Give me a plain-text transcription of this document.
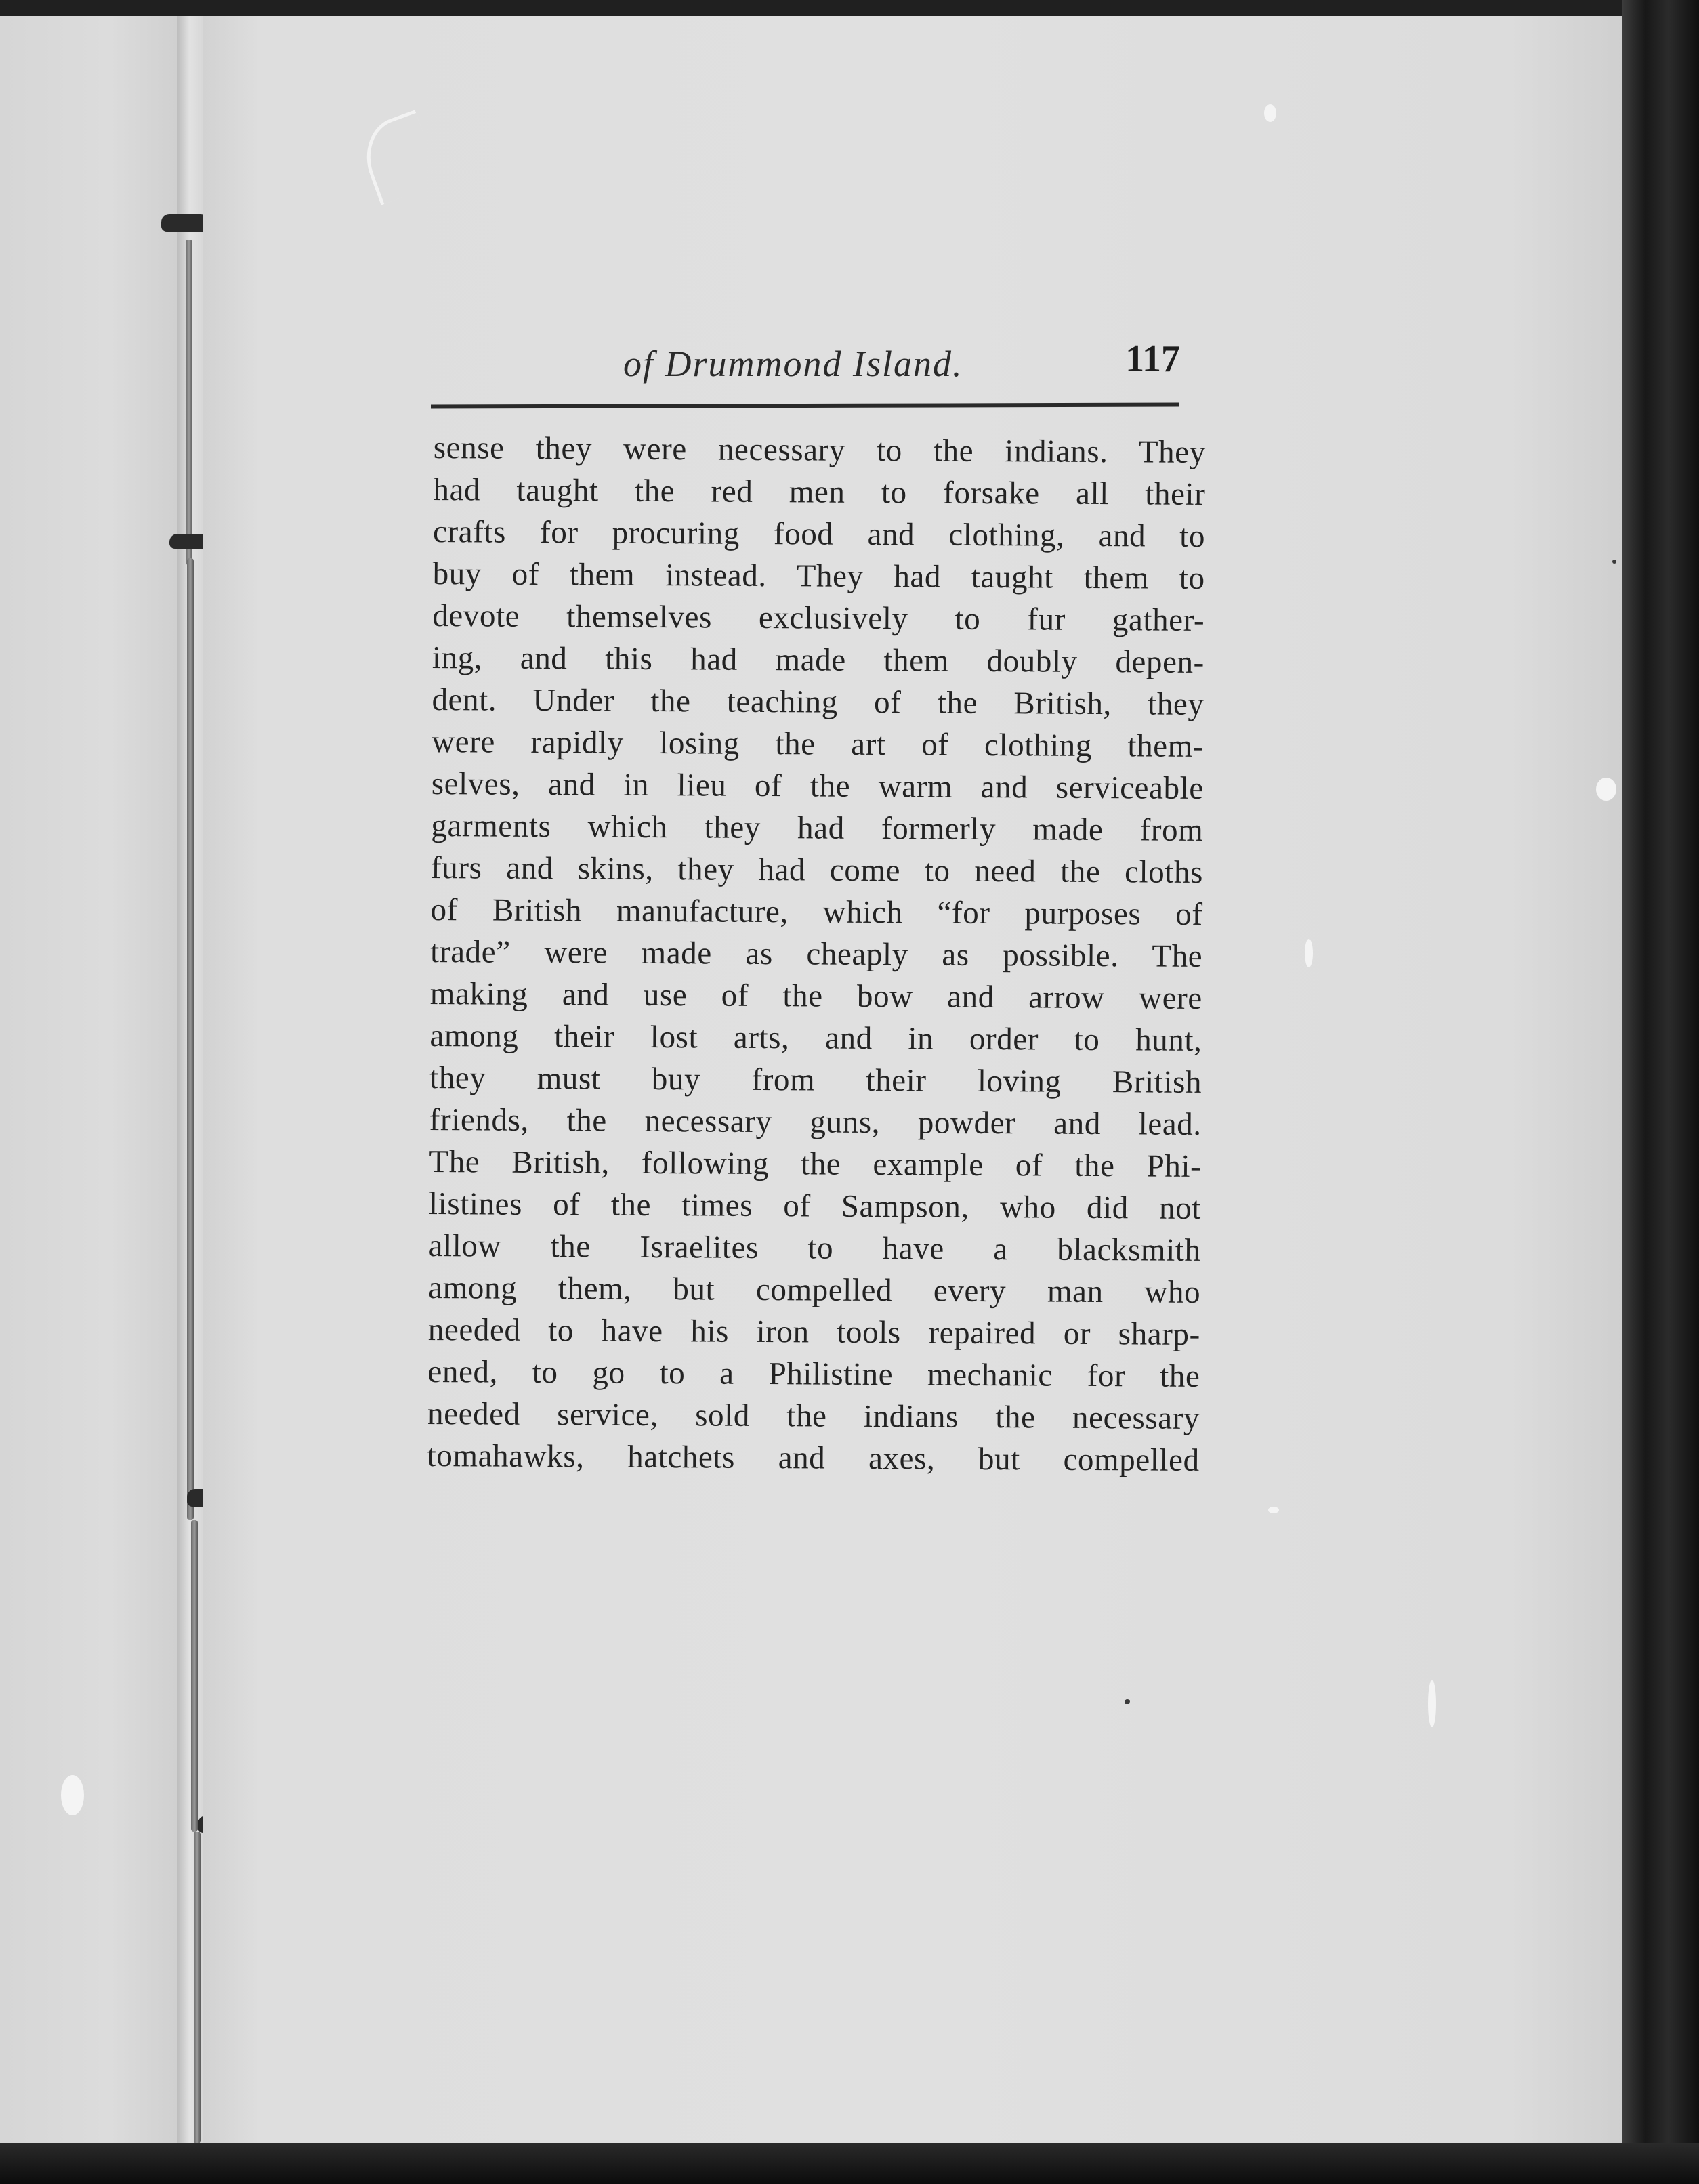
of Drummond Island.	117
sense they were necessary to the indians. They
had taught the red men to forsake all their
crafts for procuring food and clothing, and to
buy of them instead. They had taught them to
devote themselves exclusively to fur gather-
ing, and this had made them doubly depen-
dent. Under the teaching of the British, they
were rapidly losing the art of clothing them-
selves, and in lieu of the warm and serviceable
garments which they had formerly made from
furs and skins, they had come to need the cloths
of British manufacture, which “for purposes of
trade” were made as cheaply as possible. The
making and use of the bow and arrow were
among their lost arts, and in order to hunt,
they must buy from their loving British
friends, the necessary guns, powder and lead.
The British, following the example of the Phi-
listines of the times of Sampson, who did not
allow the Israelites to have a blacksmith
among them, but compelled every man who
needed to have his iron tools repaired or sharp-
ened, to go to a Philistine mechanic for the
needed service, sold the indians the necessary
tomahawks, hatchets and axes, but compelled
